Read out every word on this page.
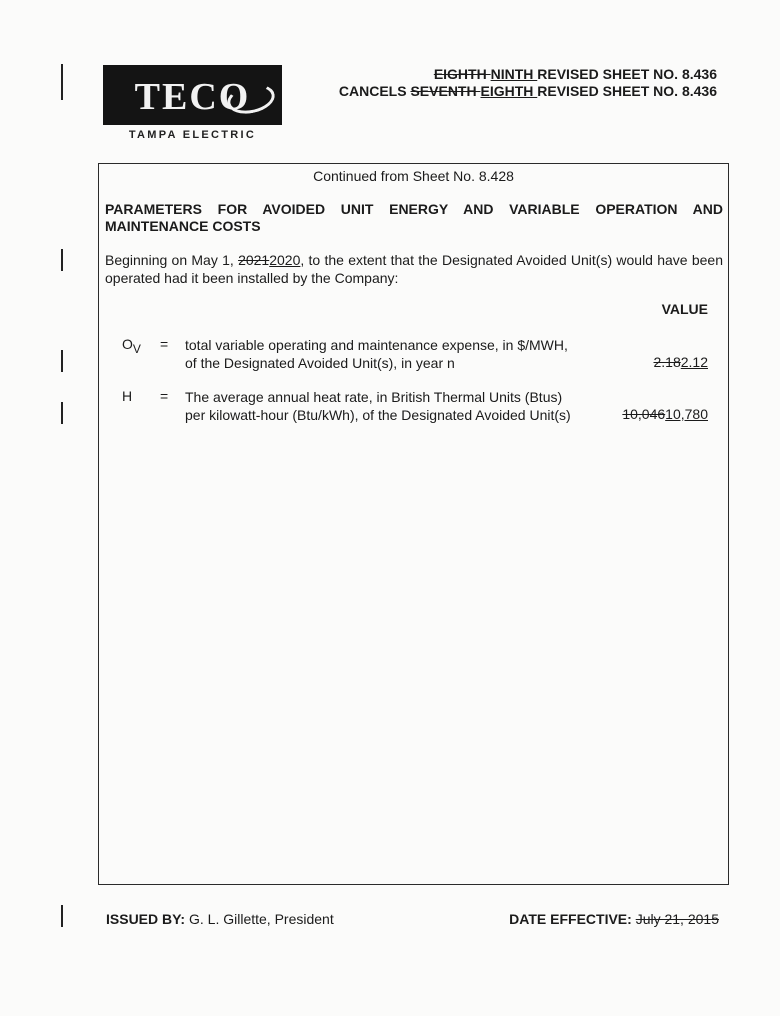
TECO
TAMPA ELECTRIC
EIGHTH NINTH REVISED SHEET NO. 8.436
CANCELS SEVENTH EIGHTH REVISED SHEET NO. 8.436
Continued from Sheet No. 8.428
PARAMETERS FOR AVOIDED UNIT ENERGY AND VARIABLE OPERATION AND MAINTENANCE COSTS
Beginning on May 1, 20212020, to the extent that the Designated Avoided Unit(s) would have been operated had it been installed by the Company:
VALUE
$O_V$ = total variable operating and maintenance expense, in $/MWH,
of the Designated Avoided Unit(s), in year n	2.182.12
H = The average annual heat rate, in British Thermal Units (Btus)
per kilowatt-hour (Btu/kWh), of the Designated Avoided Unit(s)	10,04610,780
ISSUED BY: G. L. Gillette, President	DATE EFFECTIVE: July 21, 2015
